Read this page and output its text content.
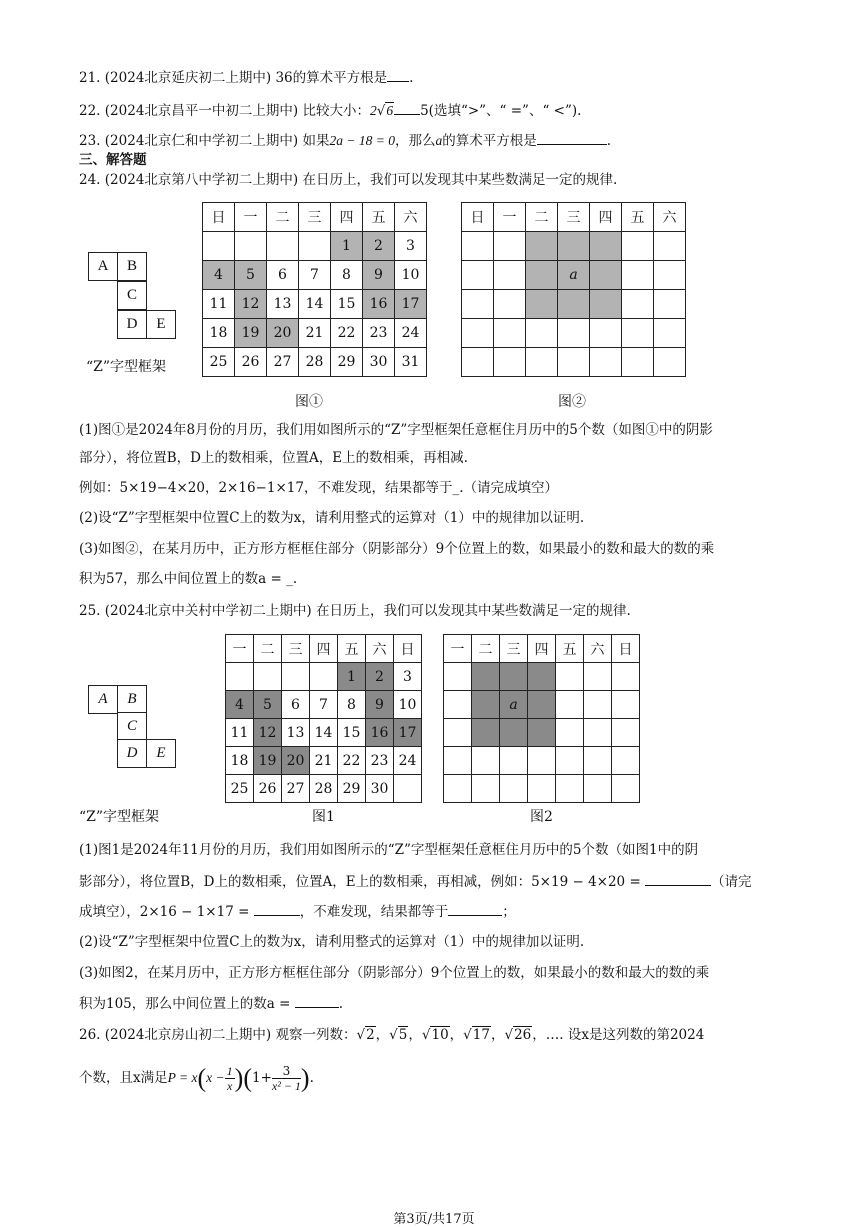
21. (2024北京延庆初二上期中) 36的算术平方根是 .
22. (2024北京昌平一中初二上期中) 比较大小：2√6 5(选填“>”、“ =”、“ <”).
23. (2024北京仁和中学初二上期中) 如果2a − 18 = 0，那么a的算术平方根是	.
三、解答题
24. (2024北京第八中学初二上期中) 在日历上，我们可以发现其中某些数满足一定的规律.
A	B
C
D	E
“Z”字型框架
日	一	二	三	四	五	六
				1	2	3
4	5	6	7	8	9	10
11	12	13	14	15	16	17
18	19	20	21	22	23	24
25	26	27	28	29	30	31
图①
日	一	二	三	四	五	六

			a			

图②
(1)图①是2024年8月份的月历，我们用如图所示的“Z”字型框架任意框住月历中的5个数（如图①中的阴影
部分），将位置B，D上的数相乘，位置A，E上的数相乘，再相减.
例如：5×19−4×20，2×16−1×17，不难发现，结果都等于_.（请完成填空）
(2)设“Z”字型框架中位置C上的数为x，请利用整式的运算对（1）中的规律加以证明.
(3)如图②，在某月历中，正方形方框框住部分（阴影部分）9个位置上的数，如果最小的数和最大的数的乘
积为57，那么中间位置上的数a = _.
25. (2024北京中关村中学初二上期中) 在日历上，我们可以发现其中某些数满足一定的规律.
A	B
C
D	E
“Z”字型框架
一	二	三	四	五	六	日
				1	2	3
4	5	6	7	8	9	10
11	12	13	14	15	16	17
18	19	20	21	22	23	24
25	26	27	28	29	30	
图1
一	二	三	四	五	六	日

		a				

图2
(1)图1是2024年11月份的月历，我们用如图所示的“Z”字型框架任意框住月历中的5个数（如图1中的阴
影部分），将位置B，D上的数相乘，位置A，E上的数相乘，再相减，例如：5×19 − 4×20 =	（请完
成填空），2×16 − 1×17 =	，不难发现，结果都等于	；
(2)设“Z”字型框架中位置C上的数为x，请利用整式的运算对（1）中的规律加以证明.
(3)如图2，在某月历中，正方形方框框住部分（阴影部分）9个位置上的数，如果最小的数和最大的数的乘
积为105，那么中间位置上的数a =	.
26. (2024北京房山初二上期中) 观察一列数：√2，√5，√10，√17，√26，…. 设x是这列数的第2024
个数，且x满足$P = x(x - \frac{1}{x} )(1+ \frac{3}{\text{x² − 1}}$ ).
第3页/共17页
